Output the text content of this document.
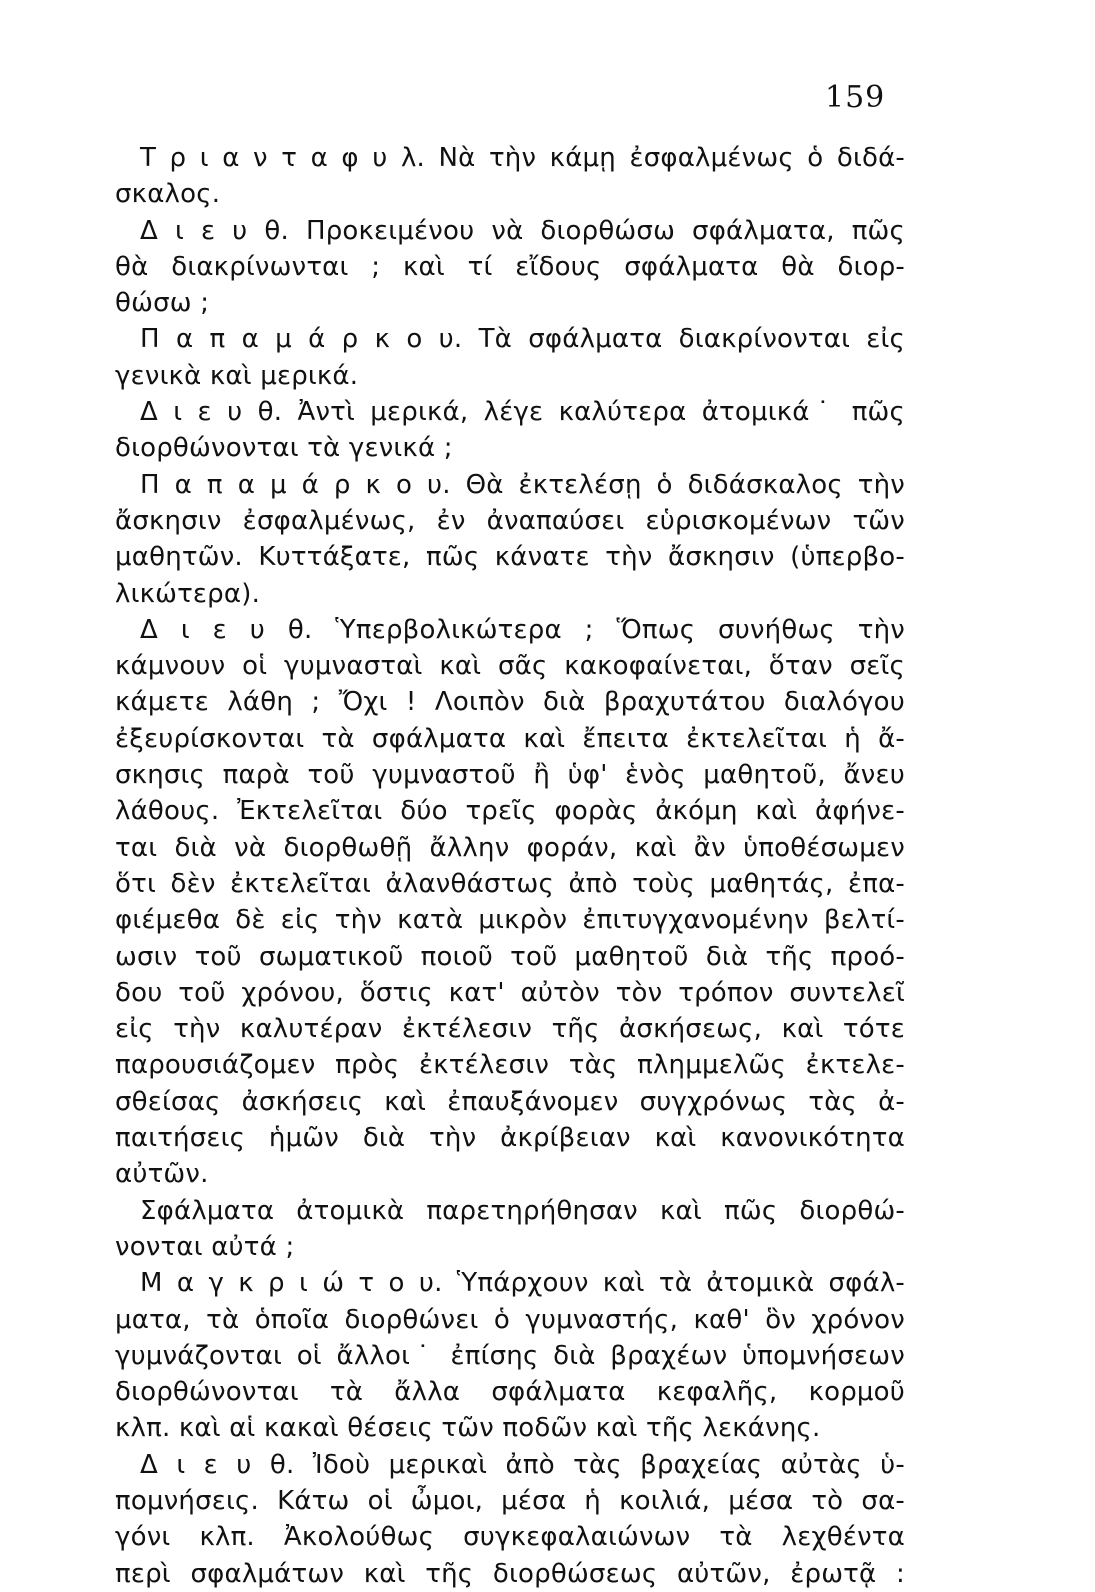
159
Τ ρ ι α ν τ α φ υ λ. Νὰ τὴν κάμῃ ἐσφαλμένως ὁ διδά-
σκαλος.
Δ ι ε υ θ. Προκειμένου νὰ διορθώσω σφάλματα, πῶς
θὰ διακρίνωνται ; καὶ τί εἴδους σφάλματα θὰ διορ-
θώσω ;
Π α π α μ ά ρ κ ο υ. Τὰ σφάλματα διακρίνονται εἰς
γενικὰ καὶ μερικά.
Δ ι ε υ θ. Ἀντὶ μερικά, λέγε καλύτερα ἀτομικά˙ πῶς
διορθώνονται τὰ γενικά ;
Π α π α μ ά ρ κ ο υ. Θὰ ἐκτελέσῃ ὁ διδάσκαλος τὴν
ἄσκησιν ἐσφαλμένως, ἐν ἀναπαύσει εὑρισκομένων τῶν
μαθητῶν. Κυττάξατε, πῶς κάνατε τὴν ἄσκησιν (ὑπερβο-
λικώτερα).
Δ ι ε υ θ. Ὑπερβολικώτερα ; Ὅπως συνήθως τὴν
κάμνουν οἱ γυμνασταὶ καὶ σᾶς κακοφαίνεται, ὅταν σεῖς
κάμετε λάθη ; Ὄχι ! Λοιπὸν διὰ βραχυτάτου διαλόγου
ἐξευρίσκονται τὰ σφάλματα καὶ ἔπειτα ἐκτελεῖται ἡ ἄ-
σκησις παρὰ τοῦ γυμναστοῦ ἢ ὑφ' ἑνὸς μαθητοῦ, ἄνευ
λάθους. Ἐκτελεῖται δύο τρεῖς φορὰς ἀκόμη καὶ ἀφήνε-
ται διὰ νὰ διορθωθῇ ἄλλην φοράν, καὶ ἂν ὑποθέσωμεν
ὅτι δὲν ἐκτελεῖται ἀλανθάστως ἀπὸ τοὺς μαθητάς, ἐπα-
φιέμεθα δὲ εἰς τὴν κατὰ μικρὸν ἐπιτυγχανομένην βελτί-
ωσιν τοῦ σωματικοῦ ποιοῦ τοῦ μαθητοῦ διὰ τῆς προό-
δου τοῦ χρόνου, ὅστις κατ' αὐτὸν τὸν τρόπον συντελεῖ
εἰς τὴν καλυτέραν ἐκτέλεσιν τῆς ἀσκήσεως, καὶ τότε
παρουσιάζομεν πρὸς ἐκτέλεσιν τὰς πλημμελῶς ἐκτελε-
σθείσας ἀσκήσεις καὶ ἐπαυξάνομεν συγχρόνως τὰς ἀ-
παιτήσεις ἡμῶν διὰ τὴν ἀκρίβειαν καὶ κανονικότητα
αὐτῶν.
Σφάλματα ἀτομικὰ παρετηρήθησαν καὶ πῶς διορθώ-
νονται αὐτά ;
Μ α γ κ ρ ι ώ τ ο υ. Ὑπάρχουν καὶ τὰ ἀτομικὰ σφάλ-
ματα, τὰ ὁποῖα διορθώνει ὁ γυμναστής, καθ' ὃν χρόνον
γυμνάζονται οἱ ἄλλοι˙ ἐπίσης διὰ βραχέων ὑπομνήσεων
διορθώνονται τὰ ἄλλα σφάλματα κεφαλῆς, κορμοῦ
κλπ. καὶ αἱ κακαὶ θέσεις τῶν ποδῶν καὶ τῆς λεκάνης.
Δ ι ε υ θ. Ἰδοὺ μερικαὶ ἀπὸ τὰς βραχείας αὐτὰς ὑ-
πομνήσεις. Κάτω οἱ ὦμοι, μέσα ἡ κοιλιά, μέσα τὸ σα-
γόνι κλπ. Ἀκολούθως συγκεφαλαιώνων τὰ λεχθέντα
περὶ σφαλμάτων καὶ τῆς διορθώσεως αὐτῶν, ἐρωτᾷ :
